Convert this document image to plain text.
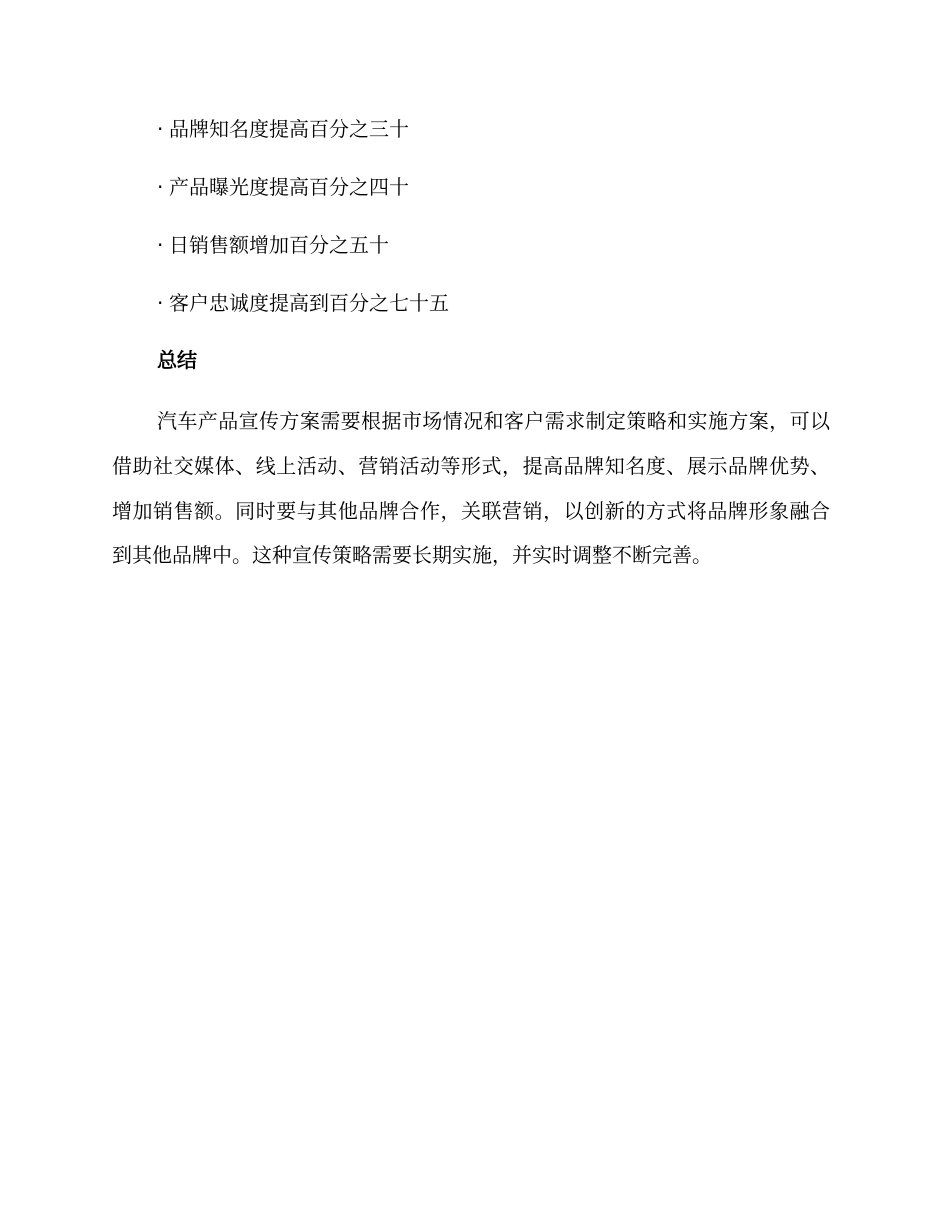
· 品牌知名度提高百分之三十
· 产品曝光度提高百分之四十
· 日销售额增加百分之五十
· 客户忠诚度提高到百分之七十五
总结

汽车产品宣传方案需要根据市场情况和客户需求制定策略和实施方案，可以借助社交媒体、线上活动、营销活动等形式，提高品牌知名度、展示品牌优势、增加销售额。同时要与其他品牌合作，关联营销，以创新的方式将品牌形象融合到其他品牌中。这种宣传策略需要长期实施，并实时调整不断完善。
